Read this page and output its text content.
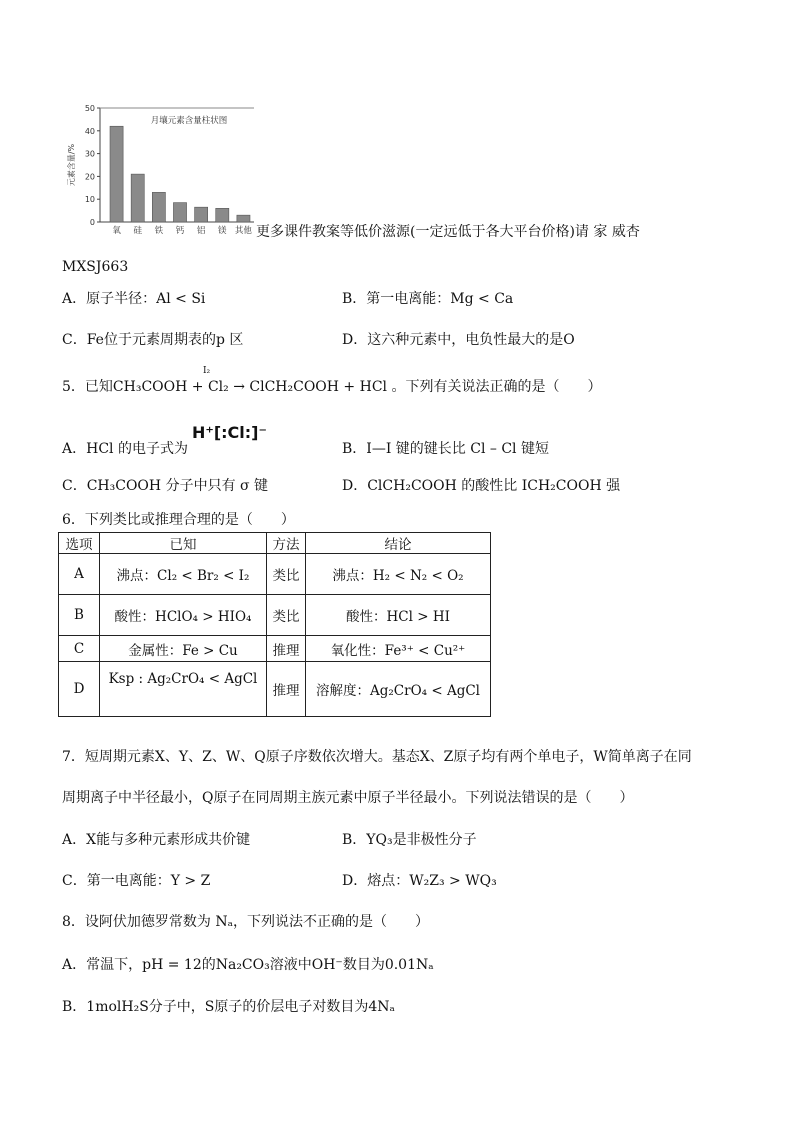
0
10
20
30
40
50
元素含量/%
月壤元素含量柱状图
氧 硅 铁 钙 铝 镁 其他 更多课件教案等低价滋源(一定远低于各大平台价格)请 家 威杏
MXSJ663
A．原子半径：Al < Si	B．第一电离能：Mg < Ca
C．Fe位于元素周期表的p 区	D．这六种元素中，电负性最大的是O
I₂
5．已知CH₃COOH + Cl₂ → ClCH₂COOH + HCl 。下列有关说法正确的是（　　）
A．HCl 的电子式为
H⁺[:Cl:]⁻
B．I—I 键的键长比 Cl – Cl 键短
C．CH₃COOH 分子中只有 σ 键	D．ClCH₂COOH 的酸性比 ICH₂COOH 强
6．下列类比或推理合理的是（　　）
选项	已知	方法	结论
A	沸点：Cl₂ < Br₂ < I₂	类比	沸点：H₂ < N₂ < O₂
B	酸性：HClO₄ > HIO₄	类比	酸性：HCl > HI
C	金属性：Fe > Cu	推理	氧化性：Fe³⁺ < Cu²⁺
D	Ksp : Ag₂CrO₄ < AgCl	推理	溶解度：Ag₂CrO₄ < AgCl
7．短周期元素X、Y、Z、W、Q原子序数依次增大。基态X、Z原子均有两个单电子，W简单离子在同
周期离子中半径最小，Q原子在同周期主族元素中原子半径最小。下列说法错误的是（　　）
A．X能与多种元素形成共价键	B．YQ₃是非极性分子
C．第一电离能：Y > Z	D．熔点：W₂Z₃ > WQ₃
8．设阿伏加德罗常数为 Nₐ，下列说法不正确的是（　　）
A．常温下，pH = 12的Na₂CO₃溶液中OH⁻数目为0.01Nₐ
B．1molH₂S分子中，S原子的价层电子对数目为4Nₐ
